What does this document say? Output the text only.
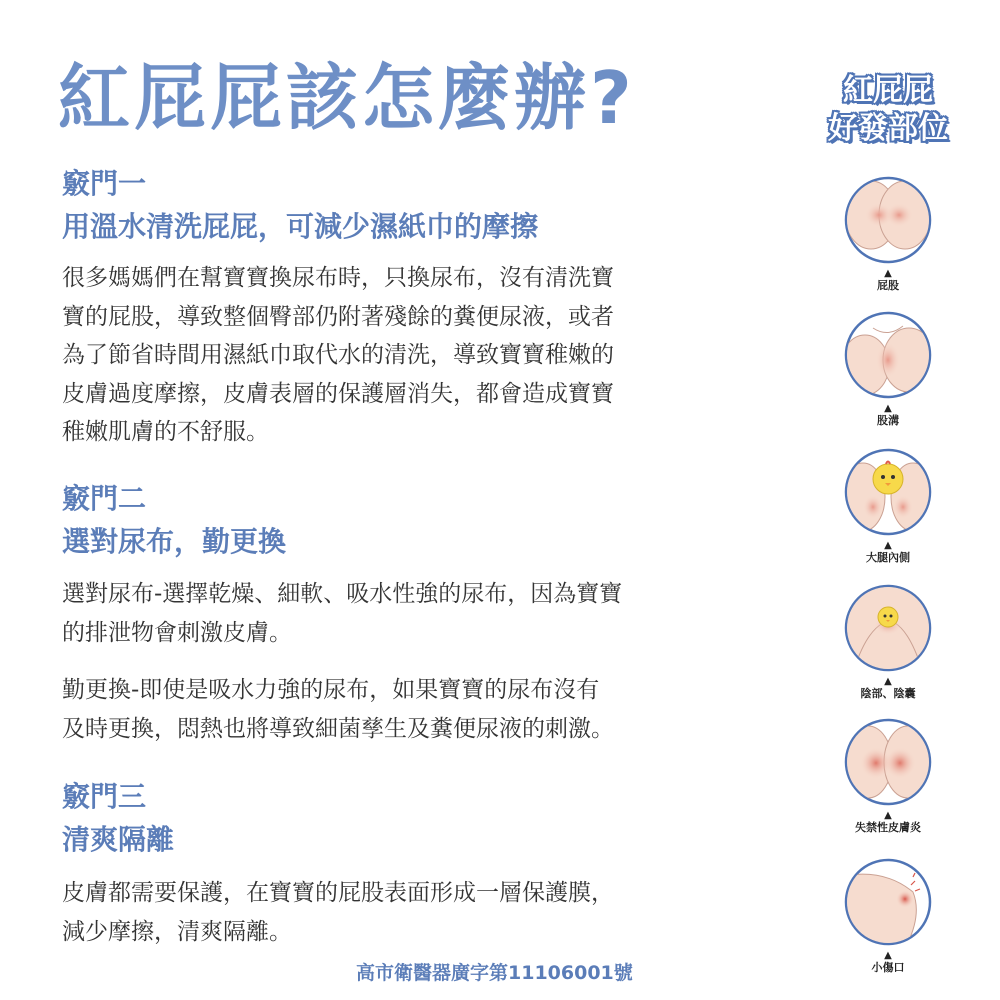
紅屁屁該怎麼辦?
竅門一
用溫水清洗屁屁，可減少濕紙巾的摩擦

很多媽媽們在幫寶寶換尿布時，只換尿布，沒有清洗寶
寶的屁股，導致整個臀部仍附著殘餘的糞便尿液，或者
為了節省時間用濕紙巾取代水的清洗，導致寶寶稚嫩的
皮膚過度摩擦，皮膚表層的保護層消失，都會造成寶寶
稚嫩肌膚的不舒服。

竅門二
選對尿布，勤更換

選對尿布-選擇乾燥、細軟、吸水性強的尿布，因為寶寶
的排泄物會刺激皮膚。

勤更換-即使是吸水力強的尿布，如果寶寶的尿布沒有
及時更換，悶熱也將導致細菌孳生及糞便尿液的刺激。

竅門三
清爽隔離

皮膚都需要保護，在寶寶的屁股表面形成一層保護膜，
減少摩擦，清爽隔離。

高市衛醫器廣字第11106001號
紅屁屁
好發部位
▲
屁股
▲
股溝
▲
大腿內側
▲
陰部、陰囊
▲
失禁性皮膚炎
▲
小傷口
